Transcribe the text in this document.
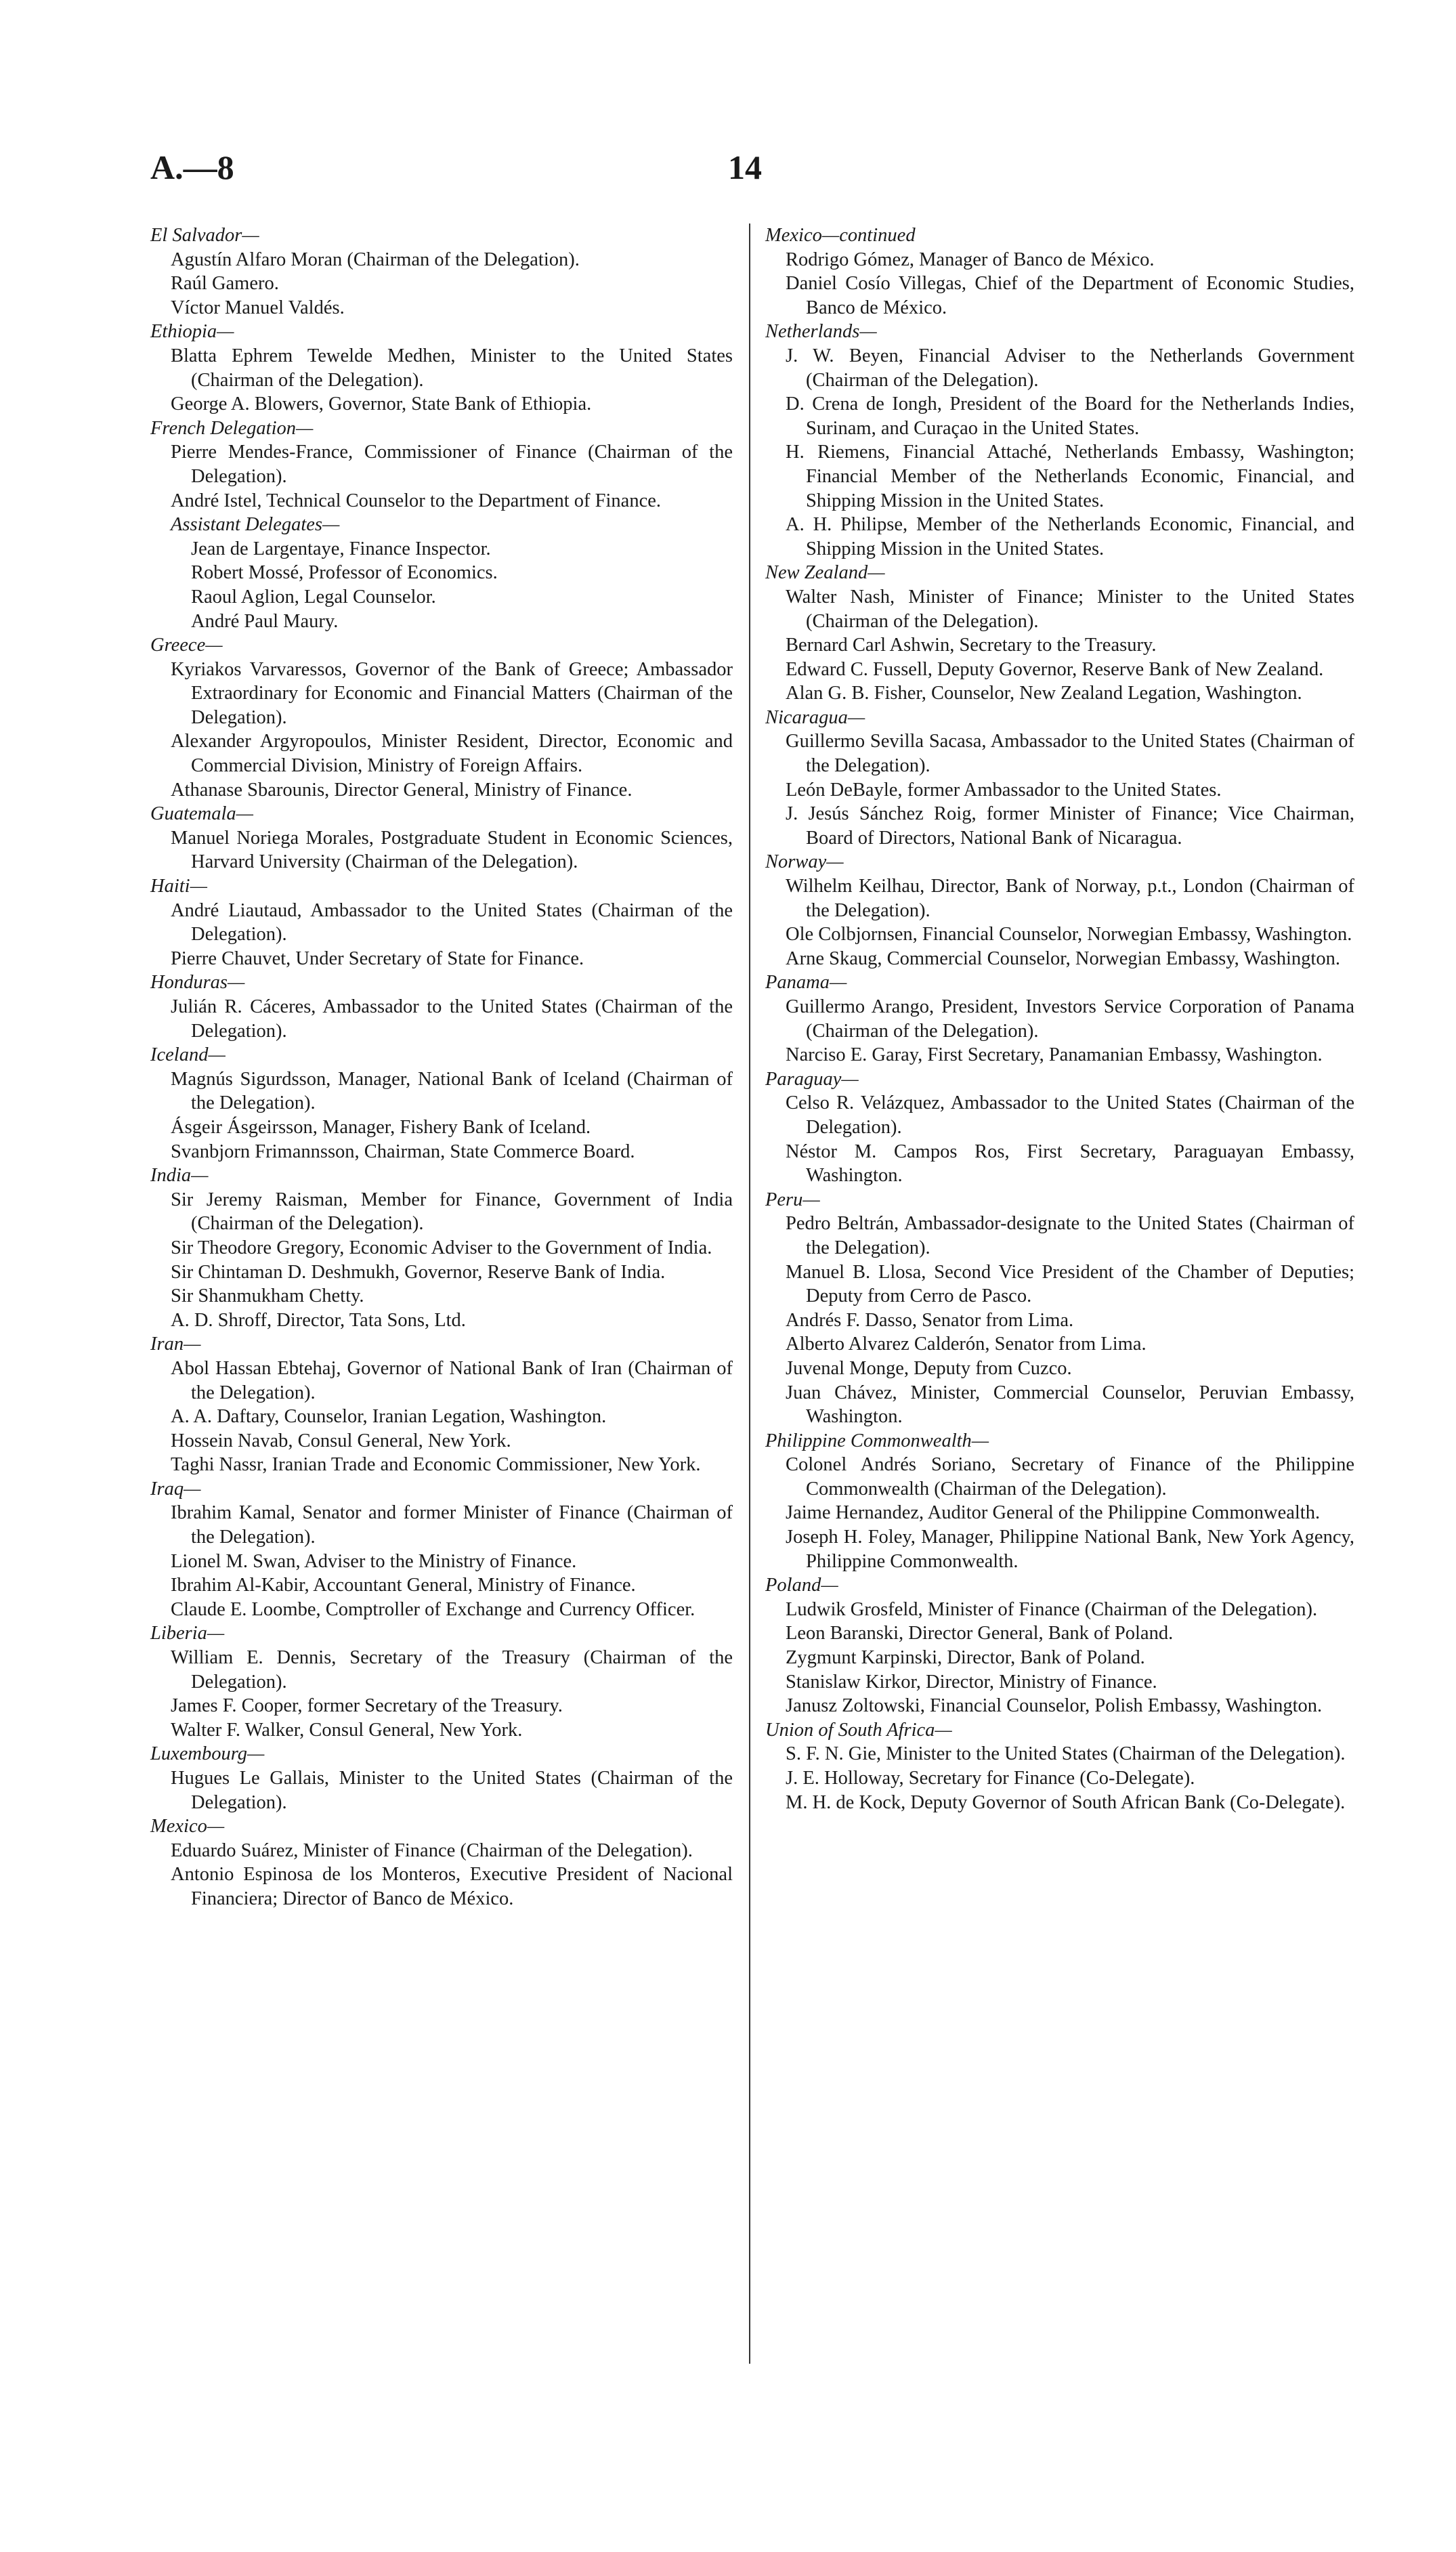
A.—8	14
El Salvador—
Agustín Alfaro Moran (Chairman of the Delegation).
Raúl Gamero.
Víctor Manuel Valdés.
Ethiopia—
Blatta Ephrem Tewelde Medhen, Minister to the United States (Chairman of the Delegation).
George A. Blowers, Governor, State Bank of Ethiopia.
French Delegation—
Pierre Mendes-France, Commissioner of Finance (Chairman of the Delegation).
André Istel, Technical Counselor to the Department of Finance.
Assistant Delegates—
Jean de Largentaye, Finance Inspector.
Robert Mossé, Professor of Economics.
Raoul Aglion, Legal Counselor.
André Paul Maury.
Greece—
Kyriakos Varvaressos, Governor of the Bank of Greece; Ambassador Extraordinary for Economic and Financial Matters (Chairman of the Delegation).
Alexander Argyropoulos, Minister Resident, Director, Economic and Commercial Division, Ministry of Foreign Affairs.
Athanase Sbarounis, Director General, Ministry of Finance.
Guatemala—
Manuel Noriega Morales, Postgraduate Student in Economic Sciences, Harvard University (Chairman of the Delegation).
Haiti—
André Liautaud, Ambassador to the United States (Chairman of the Delegation).
Pierre Chauvet, Under Secretary of State for Finance.
Honduras—
Julián R. Cáceres, Ambassador to the United States (Chairman of the Delegation).
Iceland—
Magnús Sigurdsson, Manager, National Bank of Iceland (Chairman of the Delegation).
Ásgeir Ásgeirsson, Manager, Fishery Bank of Iceland.
Svanbjorn Frimannsson, Chairman, State Commerce Board.
India—
Sir Jeremy Raisman, Member for Finance, Government of India (Chairman of the Delegation).
Sir Theodore Gregory, Economic Adviser to the Government of India.
Sir Chintaman D. Deshmukh, Governor, Reserve Bank of India.
Sir Shanmukham Chetty.
A. D. Shroff, Director, Tata Sons, Ltd.
Iran—
Abol Hassan Ebtehaj, Governor of National Bank of Iran (Chairman of the Delegation).
A. A. Daftary, Counselor, Iranian Legation, Washington.
Hossein Navab, Consul General, New York.
Taghi Nassr, Iranian Trade and Economic Commissioner, New York.
Iraq—
Ibrahim Kamal, Senator and former Minister of Finance (Chairman of the Delegation).
Lionel M. Swan, Adviser to the Ministry of Finance.
Ibrahim Al-Kabir, Accountant General, Ministry of Finance.
Claude E. Loombe, Comptroller of Exchange and Currency Officer.
Liberia—
William E. Dennis, Secretary of the Treasury (Chairman of the Delegation).
James F. Cooper, former Secretary of the Treasury.
Walter F. Walker, Consul General, New York.
Luxembourg—
Hugues Le Gallais, Minister to the United States (Chairman of the Delegation).
Mexico—
Eduardo Suárez, Minister of Finance (Chairman of the Delegation).
Antonio Espinosa de los Monteros, Executive President of Nacional Financiera; Director of Banco de México.
Mexico—continued
Rodrigo Gómez, Manager of Banco de México.
Daniel Cosío Villegas, Chief of the Department of Economic Studies, Banco de México.
Netherlands—
J. W. Beyen, Financial Adviser to the Netherlands Government (Chairman of the Delegation).
D. Crena de Iongh, President of the Board for the Netherlands Indies, Surinam, and Curaçao in the United States.
H. Riemens, Financial Attaché, Netherlands Embassy, Washington; Financial Member of the Netherlands Economic, Financial, and Shipping Mission in the United States.
A. H. Philipse, Member of the Netherlands Economic, Financial, and Shipping Mission in the United States.
New Zealand—
Walter Nash, Minister of Finance; Minister to the United States (Chairman of the Delegation).
Bernard Carl Ashwin, Secretary to the Treasury.
Edward C. Fussell, Deputy Governor, Reserve Bank of New Zealand.
Alan G. B. Fisher, Counselor, New Zealand Legation, Washington.
Nicaragua—
Guillermo Sevilla Sacasa, Ambassador to the United States (Chairman of the Delegation).
León DeBayle, former Ambassador to the United States.
J. Jesús Sánchez Roig, former Minister of Finance; Vice Chairman, Board of Directors, National Bank of Nicaragua.
Norway—
Wilhelm Keilhau, Director, Bank of Norway, p.t., London (Chairman of the Delegation).
Ole Colbjornsen, Financial Counselor, Norwegian Embassy, Washington.
Arne Skaug, Commercial Counselor, Norwegian Embassy, Washington.
Panama—
Guillermo Arango, President, Investors Service Corporation of Panama (Chairman of the Delegation).
Narciso E. Garay, First Secretary, Panamanian Embassy, Washington.
Paraguay—
Celso R. Velázquez, Ambassador to the United States (Chairman of the Delegation).
Néstor M. Campos Ros, First Secretary, Paraguayan Embassy, Washington.
Peru—
Pedro Beltrán, Ambassador-designate to the United States (Chairman of the Delegation).
Manuel B. Llosa, Second Vice President of the Chamber of Deputies; Deputy from Cerro de Pasco.
Andrés F. Dasso, Senator from Lima.
Alberto Alvarez Calderón, Senator from Lima.
Juvenal Monge, Deputy from Cuzco.
Juan Chávez, Minister, Commercial Counselor, Peruvian Embassy, Washington.
Philippine Commonwealth—
Colonel Andrés Soriano, Secretary of Finance of the Philippine Commonwealth (Chairman of the Delegation).
Jaime Hernandez, Auditor General of the Philippine Commonwealth.
Joseph H. Foley, Manager, Philippine National Bank, New York Agency, Philippine Commonwealth.
Poland—
Ludwik Grosfeld, Minister of Finance (Chairman of the Delegation).
Leon Baranski, Director General, Bank of Poland.
Zygmunt Karpinski, Director, Bank of Poland.
Stanislaw Kirkor, Director, Ministry of Finance.
Janusz Zoltowski, Financial Counselor, Polish Embassy, Washington.
Union of South Africa—
S. F. N. Gie, Minister to the United States (Chairman of the Delegation).
J. E. Holloway, Secretary for Finance (Co-Delegate).
M. H. de Kock, Deputy Governor of South African Bank (Co-Delegate).
